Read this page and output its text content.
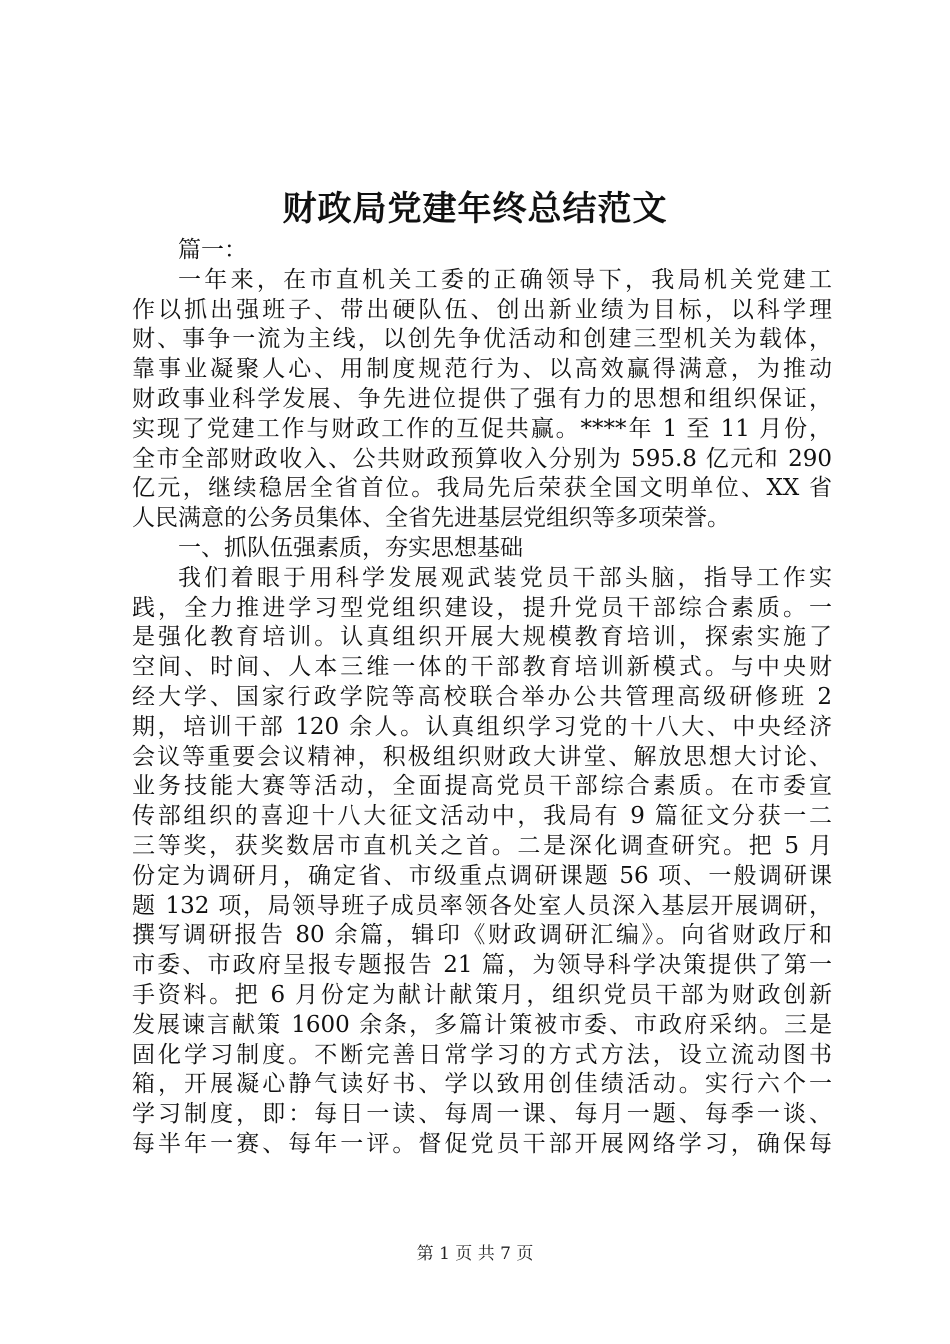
财政局党建年终总结范文
篇一：
一年来，在市直机关工委的正确领导下，我局机关党建工
作以抓出强班子、带出硬队伍、创出新业绩为目标，以科学理
财、事争一流为主线，以创先争优活动和创建三型机关为载体，
靠事业凝聚人心、用制度规范行为、以高效赢得满意，为推动
财政事业科学发展、争先进位提供了强有力的思想和组织保证，
实现了党建工作与财政工作的互促共赢。****年 1 至 11 月份，
全市全部财政收入、公共财政预算收入分别为 595.8 亿元和 290
亿元，继续稳居全省首位。我局先后荣获全国文明单位、XX 省
人民满意的公务员集体、全省先进基层党组织等多项荣誉。
一、抓队伍强素质，夯实思想基础
我们着眼于用科学发展观武装党员干部头脑，指导工作实
践，全力推进学习型党组织建设，提升党员干部综合素质。一
是强化教育培训。认真组织开展大规模教育培训，探索实施了
空间、时间、人本三维一体的干部教育培训新模式。与中央财
经大学、国家行政学院等高校联合举办公共管理高级研修班 2
期，培训干部 120 余人。认真组织学习党的十八大、中央经济
会议等重要会议精神，积极组织财政大讲堂、解放思想大讨论、
业务技能大赛等活动，全面提高党员干部综合素质。在市委宣
传部组织的喜迎十八大征文活动中，我局有 9 篇征文分获一二
三等奖，获奖数居市直机关之首。二是深化调查研究。把 5 月
份定为调研月，确定省、市级重点调研课题 56 项、一般调研课
题 132 项，局领导班子成员率领各处室人员深入基层开展调研，
撰写调研报告 80 余篇，辑印《财政调研汇编》。向省财政厅和
市委、市政府呈报专题报告 21 篇，为领导科学决策提供了第一
手资料。把 6 月份定为献计献策月，组织党员干部为财政创新
发展谏言献策 1600 余条，多篇计策被市委、市政府采纳。三是
固化学习制度。不断完善日常学习的方式方法，设立流动图书
箱，开展凝心静气读好书、学以致用创佳绩活动。实行六个一
学习制度，即：每日一读、每周一课、每月一题、每季一谈、
每半年一赛、每年一评。督促党员干部开展网络学习，确保每
第 1 页 共 7 页
